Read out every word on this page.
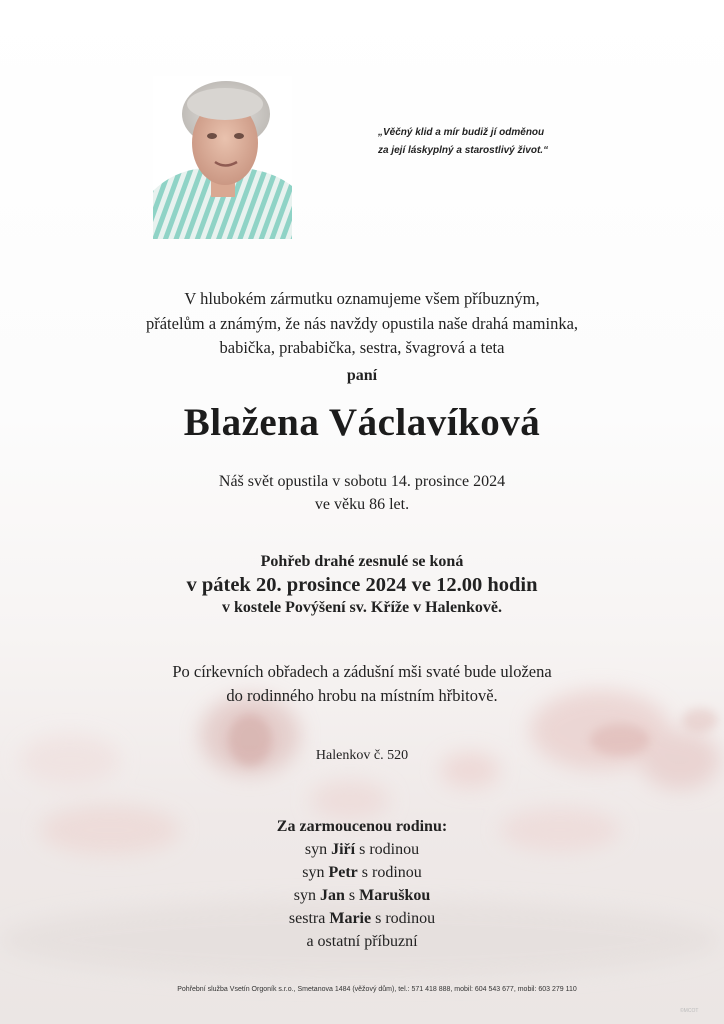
„Věčný klid a mír budiž jí odměnou
za její láskyplný a starostlivý život.“
V hlubokém zármutku oznamujeme všem příbuzným,
přátelům a známým, že nás navždy opustila naše drahá maminka,
babička, prababička, sestra, švagrová a teta
paní
Blažena Václavíková
Náš svět opustila v sobotu 14. prosince 2024
ve věku 86 let.
Pohřeb drahé zesnulé se koná
v pátek 20. prosince 2024 ve 12.00 hodin
v kostele Povýšení sv. Kříže v Halenkově.
Po církevních obřadech a zádušní mši svaté bude uložena
do rodinného hrobu na místním hřbitově.
Halenkov č. 520
Za zarmoucenou rodinu:
syn Jiří s rodinou
syn Petr s rodinou
syn Jan s Maruškou
sestra Marie s rodinou
a ostatní příbuzní
Pohřební služba Vsetín Orgoník s.r.o., Smetanova 1484 (věžový dům), tel.: 571 418 888, mobil: 604 543 677, mobil: 603 279 110
©MCOT
